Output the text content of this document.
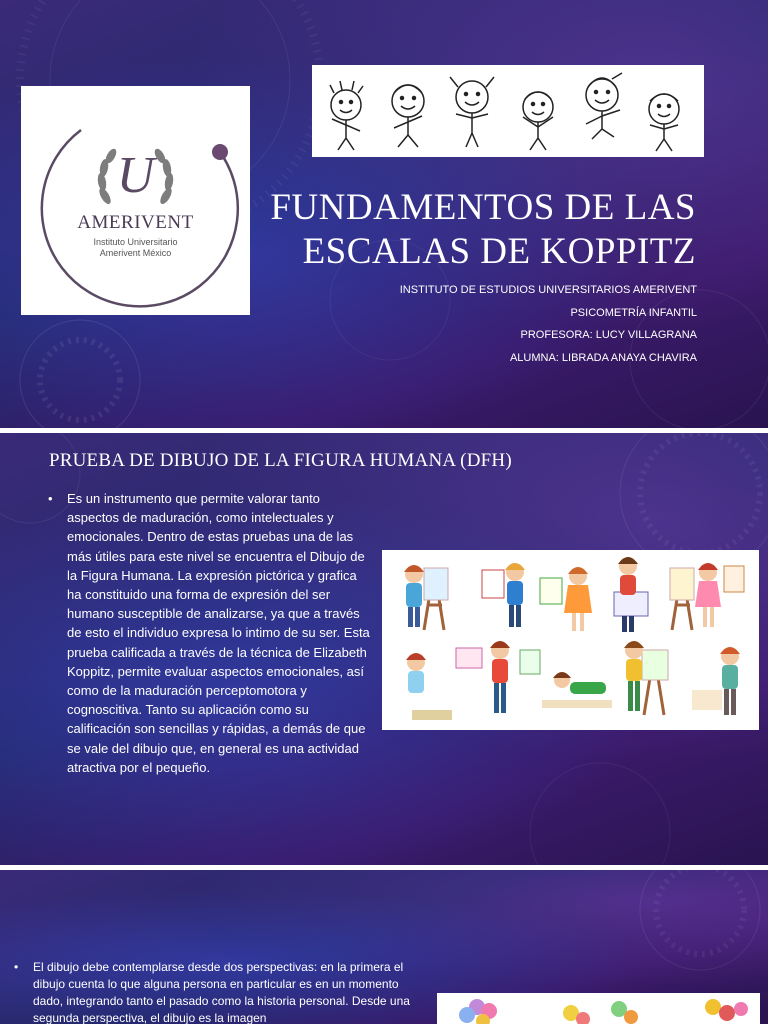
U
AMERIVENT
Instituto Universitario
Amerivent México
FUNDAMENTOS DE LAS ESCALAS DE KOPPITZ
INSTITUTO DE ESTUDIOS UNIVERSITARIOS AMERIVENT
PSICOMETRÍA INFANTIL
PROFESORA: LUCY VILLAGRANA
ALUMNA: LIBRADA ANAYA CHAVIRA
PRUEBA DE DIBUJO DE LA FIGURA HUMANA (DFH)
•	Es un instrumento que permite valorar tanto aspectos de maduración, como intelectuales y emocionales. Dentro de estas pruebas una de las más útiles para este nivel se encuentra el Dibujo de la Figura Humana. La expresión pictórica y grafica ha constituido una forma de expresión del ser humano susceptible de analizarse, ya que a través de esto el individuo expresa lo intimo de su ser. Esta prueba calificada a través de la técnica de Elizabeth Koppitz, permite evaluar aspectos emocionales, así como de la maduración perceptomotora y cognoscitiva. Tanto su aplicación como su calificación son sencillas y rápidas, a demás de que se vale del dibujo que, en general es una actividad atractiva por el pequeño.
•	El dibujo debe contemplarse desde dos perspectivas: en la primera el dibujo cuenta lo que alguna persona en particular es en un momento dado, integrando tanto el pasado como la historia personal. Desde una segunda perspectiva, el dibujo es la imagen
